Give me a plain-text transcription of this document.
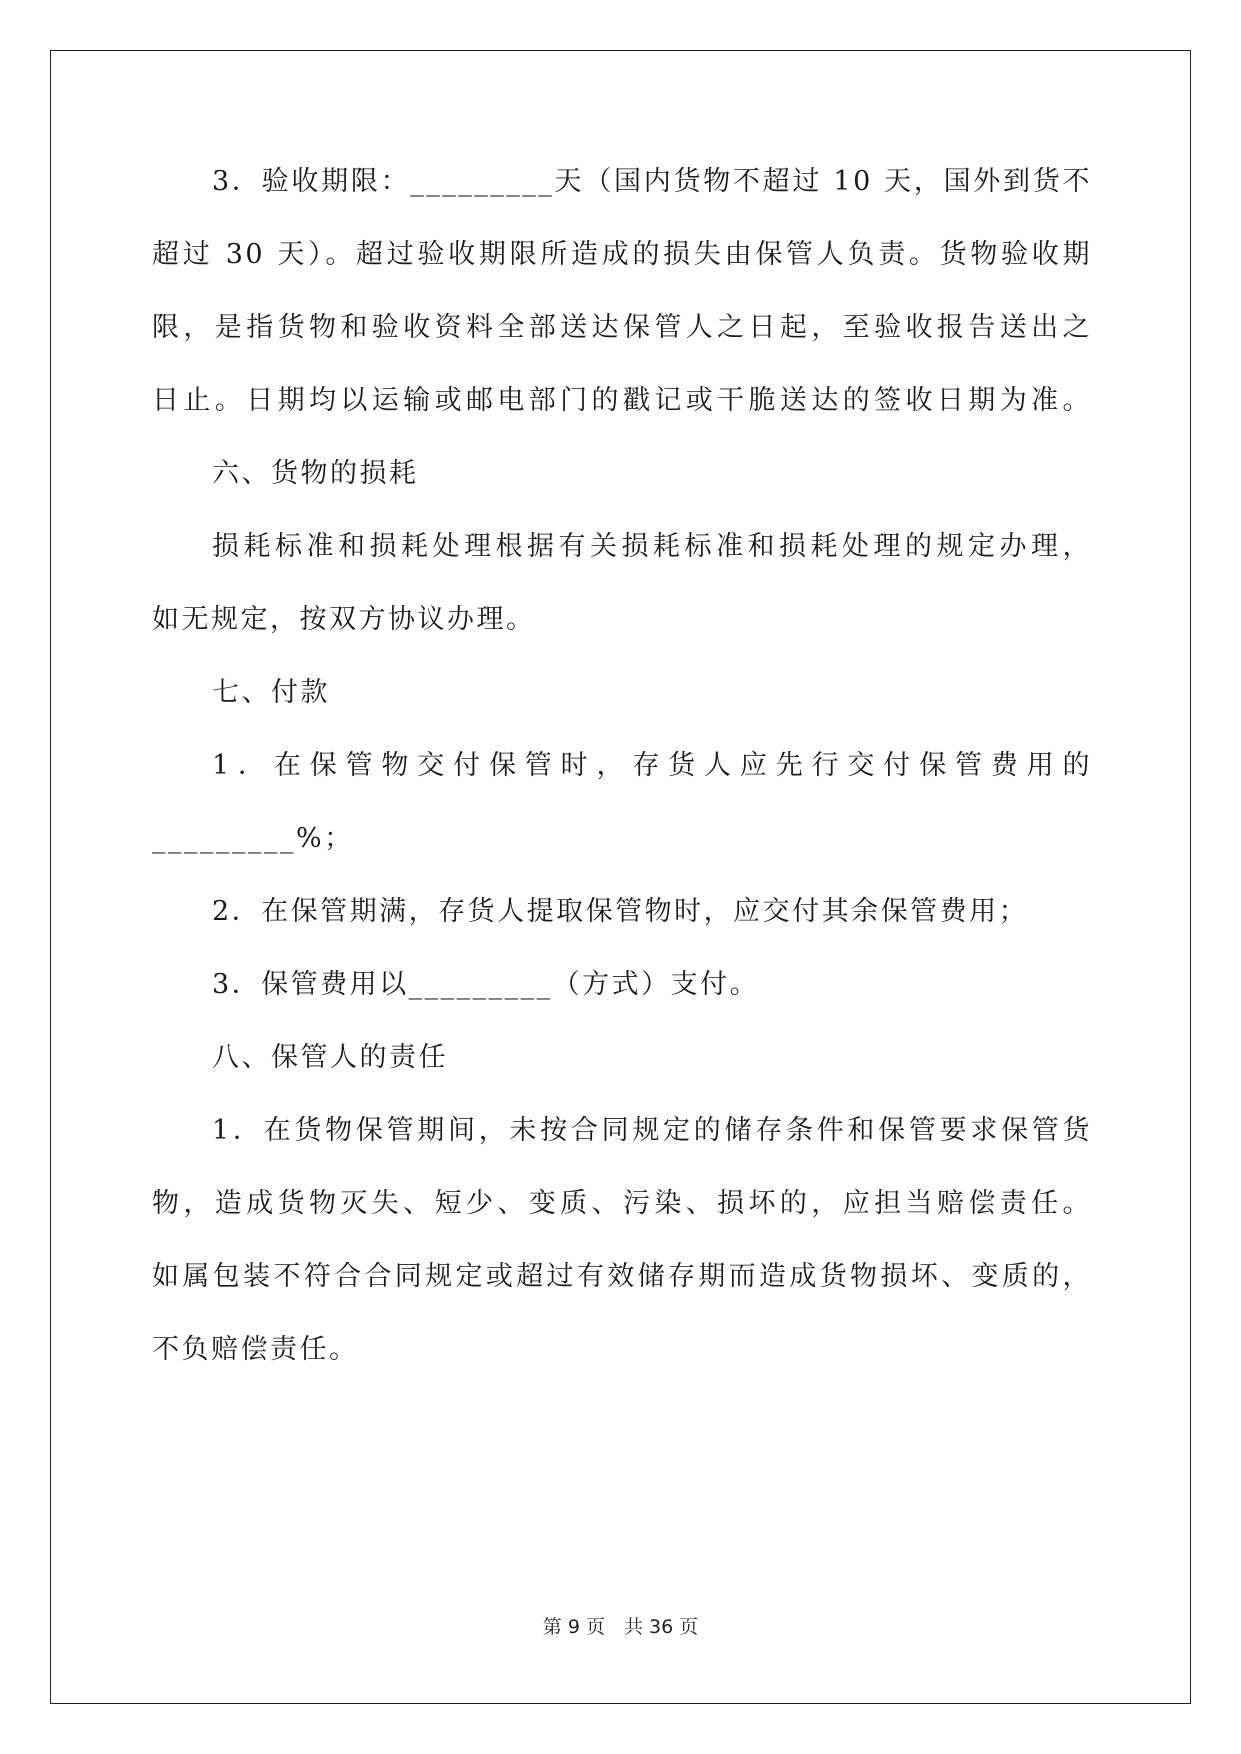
3．验收期限：_________天（国内货物不超过 10 天，国外到货不
超过 30 天）。超过验收期限所造成的损失由保管人负责。货物验收期
限，是指货物和验收资料全部送达保管人之日起，至验收报告送出之
日止。日期均以运输或邮电部门的戳记或干脆送达的签收日期为准。
六、货物的损耗
损耗标准和损耗处理根据有关损耗标准和损耗处理的规定办理，
如无规定，按双方协议办理。
七、付款
1．在保管物交付保管时，存货人应先行交付保管费用的
_________%；
2．在保管期满，存货人提取保管物时，应交付其余保管费用；
3．保管费用以_________（方式）支付。
八、保管人的责任
1．在货物保管期间，未按合同规定的储存条件和保管要求保管货
物，造成货物灭失、短少、变质、污染、损坏的，应担当赔偿责任。
如属包装不符合合同规定或超过有效储存期而造成货物损坏、变质的，
不负赔偿责任。
第 9 页　共 36 页
